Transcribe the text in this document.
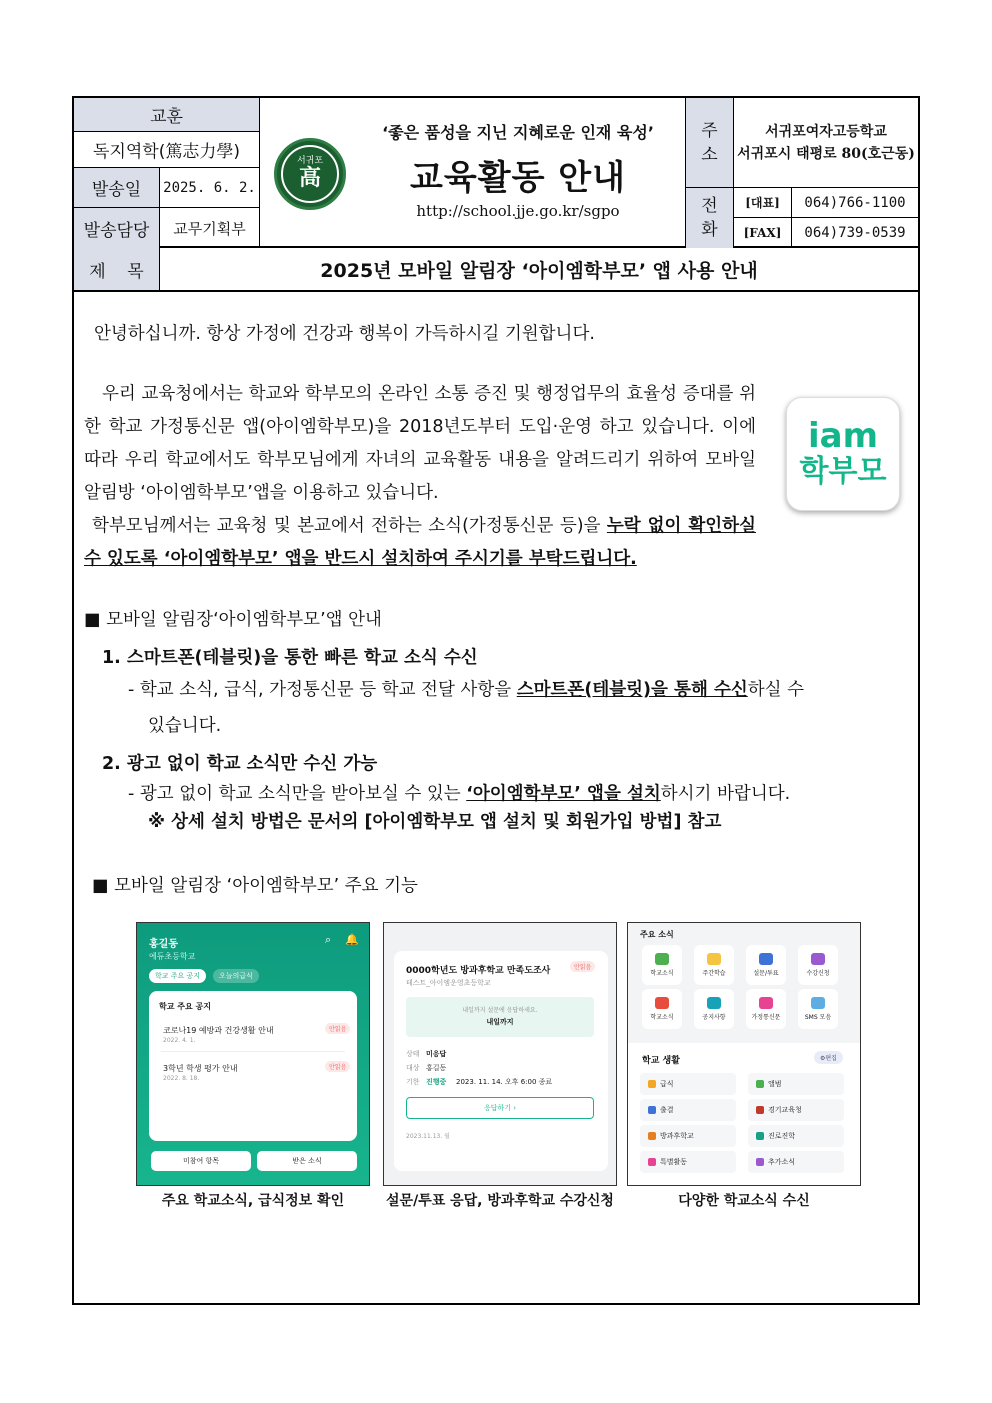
교훈
독지역학(篤志力學)
발송일	2025. 6. 2.
발송담당	교무기획부
서귀포
高
‘좋은 품성을 지닌 지혜로운 인재 육성’
교육활동 안내
http://school.jje.go.kr/sgpo
주
소
서귀포여자고등학교
서귀포시 태평로 80(호근동)
전
화
[대표]	064)766-1100
[FAX]	064)739-0539
제    목	2025년 모바일 알림장 ‘아이엠학부모’ 앱 사용 안내
안녕하십니까. 항상 가정에 건강과 행복이 가득하시길 기원합니다.
우리 교육청에서는 학교와 학부모의 온라인 소통 증진 및 행정업무의 효율성 증대를 위한 학교 가정통신문 앱(아이엠학부모)을 2018년도부터 도입·운영 하고 있습니다. 이에 따라 우리 학교에서도 학부모님에게 자녀의 교육활동 내용을 알려드리기 위하여 모바일 알림방 ‘아이엠학부모’앱을 이용하고 있습니다.
학부모님께서는 교육청 및 본교에서 전하는 소식(가정통신문 등)을 누락 없이 확인하실 수 있도록 ‘아이엠학부모’ 앱을 반드시 설치하여 주시기를 부탁드립니다.
iam
학부모
■ 모바일 알림장‘아이엠학부모’앱 안내
1. 스마트폰(테블릿)을 통한 빠른 학교 소식 수신
- 학교 소식, 급식, 가정통신문 등 학교 전달 사항을 스마트폰(테블릿)을 통해 수신하실 수
있습니다.
2. 광고 없이 학교 소식만 수신 가능
- 광고 없이 학교 소식만을 받아보실 수 있는 ‘아이엠학부모’ 앱을 설치하시기 바랍니다.
※ 상세 설치 방법은 문서의 [아이엠학부모 앱 설치 및 회원가입 방법] 참고
■ 모바일 알림장 ‘아이엠학부모’ 주요 기능
홍길동
에듀초등학교
⌕ 🔔
학교 주요 공지	오늘의급식
학교 주요 공지
코로나19 예방과 건강생활 안내
2022. 4. 1.
안읽음
3학년 학생 평가 안내
2022. 8. 18.
안읽음
미참여 항목	받은 소식
0000학년도 방과후학교 만족도조사	안읽음
테스트_아이엠운영초등학교
내일까지 설문에 응답하세요.
내일까지
상태 미응답
대상 홍길동
기한 진행중 2023. 11. 14. 오후 6:00 종료
응답하기 ›
2023.11.13. 월
주요 소식
학교소식	주간학습	설문/투표	수강신청
학교소식	공지사항	가정통신문	SMS 모음
학교 생활	⚙편집
급식	앨범
출결	경기교육청
방과후학교	진로진학
특별활동	추가소식
주요 학교소식, 급식정보 확인	설문/투표 응답, 방과후학교 수강신청	다양한 학교소식 수신
